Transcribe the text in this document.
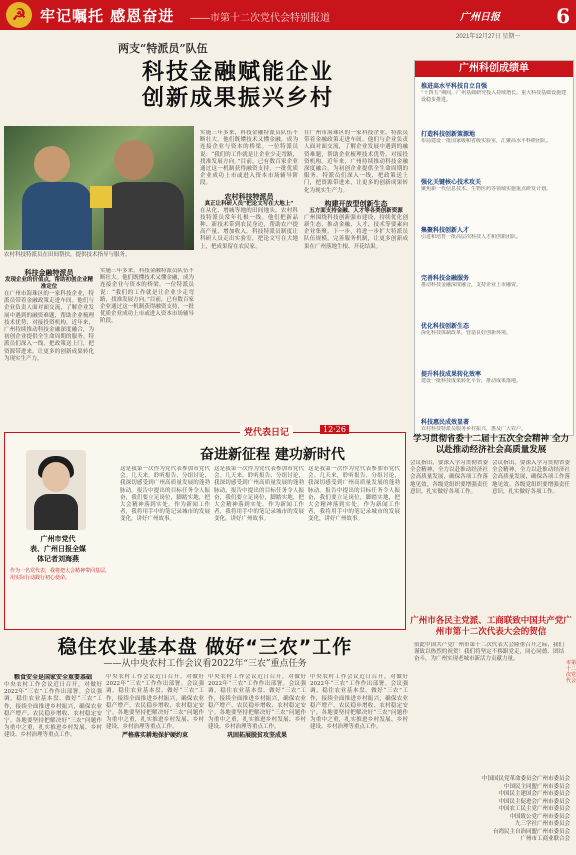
☭ 牢记嘱托 感恩奋进 ——市第十二次党代会特别报道	广州日报	6
2021年12月27日 星期一
两支“特派员”队伍
科技金融赋能企业
创新成果振兴乡村
农村科技特派员在田间帮扶，提供技术指导与服务。
科技金融特派员
发现企业的价值点，帮助初创企业精准定位
在广州市海珠区的一家科技企业，特派员带着金融政策走进车间。他们与企业负责人面对面交流，了解企业发展中遇到的融资难题，帮助企业梳理技术优势，对接投资机构。近年来，广州持续推动科技金融深度融合，为初创企业提供全生命周期的服务。特派员们深入一线，把政策送上门，把资源带进来，让更多的创新成果转化为现实生产力。
实施三年多来，科技金融特派员队伍不断壮大。他们既懂技术又懂金融，成为连接企业与资本的桥梁。一位特派员说：“我们的工作就是让企业少走弯路，找准发展方向。”目前，已有数百家企业通过这一机制获得融资支持，一批优质企业成功上市或进入资本市场辅导阶段。
实施三年多来，科技金融特派员队伍不断壮大。他们既懂技术又懂金融，成为连接企业与资本的桥梁。一位特派员说：“我们的工作就是让企业少走弯路，找准发展方向。”目前，已有数百家企业通过这一机制获得融资支持，一批优质企业成功上市或进入资本市场辅导阶段。
农村科技特派员
真正让科研人员“把论文写在大地上”
在从化、增城等地的田间地头，农村科技特派员常年扎根一线。他们把新品种、新技术带到农民身边，帮助农户提高产量、增加收入。科技特派员制度让科研人员走出实验室，把论文写在大地上，把成果留在农民家。
在广州市海珠区的一家科技企业，特派员带着金融政策走进车间。他们与企业负责人面对面交流，了解企业发展中遇到的融资难题，帮助企业梳理技术优势，对接投资机构。近年来，广州持续推动科技金融深度融合，为初创企业提供全生命周期的服务。特派员们深入一线，把政策送上门，把资源带进来，让更多的创新成果转化为现实生产力。
构建开放型创新生态
五方面支持金融、人才等各类创新资源
广州围绕科技创新强市建设，持续优化创新生态，推动金融、人才、技术等要素向企业集聚。下一步，将进一步扩大特派员队伍规模，完善服务机制，让更多创新成果在广州落地生根、开花结果。
广州科创成绩单
推进高水平科技自立自强
“十四五”期间，广州基础研究投入持续增长，重大科技基础设施建设稳步推进。
打造科技创新策源地
布局建设一批国家级和省级实验室，汇聚高水平科研团队。
强化关键核心技术攻关
聚焦新一代信息技术、生物医药等领域实施重点研发计划。
集聚科技创新人才
引进和培育一批高层次科技人才和创新团队。
完善科技金融服务
推动科技金融深度融合，支持企业上市融资。
优化科技创新生态
深化科技体制改革，营造良好创新环境。
提升科技成果转化效率
建设一批科技成果转化平台，推动成果落地。
科技惠民成效显著
农村科技特派员服务乡村振兴，惠及广大农户。
党代表日记	12·26
奋进新征程 建功新时代
广州市党代
表、广州日报全媒
体记者刘海燕
作为一名党代表，我将把大会精神带回基层，用实际行动践行初心使命。
这是我第一次作为党代表参加市党代会。几天来，聆听报告、分组讨论，我深切感受到广州高质量发展的蓬勃脉动。报告中提出的目标任务令人振奋，我们要立足岗位，脚踏实地，把大会精神落到实处。作为新闻工作者，我将用手中的笔记录城市的发展变化，讲好广州故事。
这是我第一次作为党代表参加市党代会。几天来，聆听报告、分组讨论，我深切感受到广州高质量发展的蓬勃脉动。报告中提出的目标任务令人振奋，我们要立足岗位，脚踏实地，把大会精神落到实处。作为新闻工作者，我将用手中的笔记录城市的发展变化，讲好广州故事。
这是我第一次作为党代表参加市党代会。几天来，聆听报告、分组讨论，我深切感受到广州高质量发展的蓬勃脉动。报告中提出的目标任务令人振奋，我们要立足岗位，脚踏实地，把大会精神落到实处。作为新闻工作者，我将用手中的笔记录城市的发展变化，讲好广州故事。
学习贯彻省委十二届十五次全会精神 全力以赴推动经济社会高质量发展
会议指出，要深入学习贯彻省委全会精神，全力以赴推动经济社会高质量发展，确保各项工作落地见效。各级党组织要增强责任意识，扎实做好各项工作。
会议指出，要深入学习贯彻省委全会精神，全力以赴推动经济社会高质量发展，确保各项工作落地见效。各级党组织要增强责任意识，扎实做好各项工作。
稳住农业基本盘 做好“三农”工作
——从中央农村工作会议看2022年“三农”重点任务
粮食安全是国家安全重要基础
中央农村工作会议近日召开，对做好2022年“三农”工作作出部署。会议强调，稳住农业基本盘、做好“三农”工作，接续全面推进乡村振兴，确保农业稳产增产、农民稳步增收、农村稳定安宁。各地要坚持把解决好“三农”问题作为重中之重，扎实推进乡村发展、乡村建设、乡村治理等重点工作。
中央农村工作会议近日召开，对做好2022年“三农”工作作出部署。会议强调，稳住农业基本盘、做好“三农”工作，接续全面推进乡村振兴，确保农业稳产增产、农民稳步增收、农村稳定安宁。各地要坚持把解决好“三农”问题作为重中之重，扎实推进乡村发展、乡村建设、乡村治理等重点工作。
严格落实耕地保护硬约束
中央农村工作会议近日召开，对做好2022年“三农”工作作出部署。会议强调，稳住农业基本盘、做好“三农”工作，接续全面推进乡村振兴，确保农业稳产增产、农民稳步增收、农村稳定安宁。各地要坚持把解决好“三农”问题作为重中之重，扎实推进乡村发展、乡村建设、乡村治理等重点工作。
巩固拓展脱贫攻坚成果
中央农村工作会议近日召开，对做好2022年“三农”工作作出部署。会议强调，稳住农业基本盘、做好“三农”工作，接续全面推进乡村振兴，确保农业稳产增产、农民稳步增收、农村稳定安宁。各地要坚持把解决好“三农”问题作为重中之重，扎实推进乡村发展、乡村建设、乡村治理等重点工作。
广州市各民主党派、工商联致中国共产党广州市第十二次代表大会的贺信
值此中国共产党广州市第十二次代表大会隆重召开之际，我们谨致以热烈的祝贺！我们将坚定不移跟党走，同心同德、团结奋斗，为广州实现老城市新活力贡献力量。
中国国民党革命委员会广州市委员会
中国民主同盟广州市委员会
中国民主建国会广州市委员会
中国民主促进会广州市委员会
中国农工民主党广州市委员会
中国致公党广州市委员会
九三学社广州市委员会
台湾民主自治同盟广州市委员会
广州市工商业联合会
市第十二次党代会
